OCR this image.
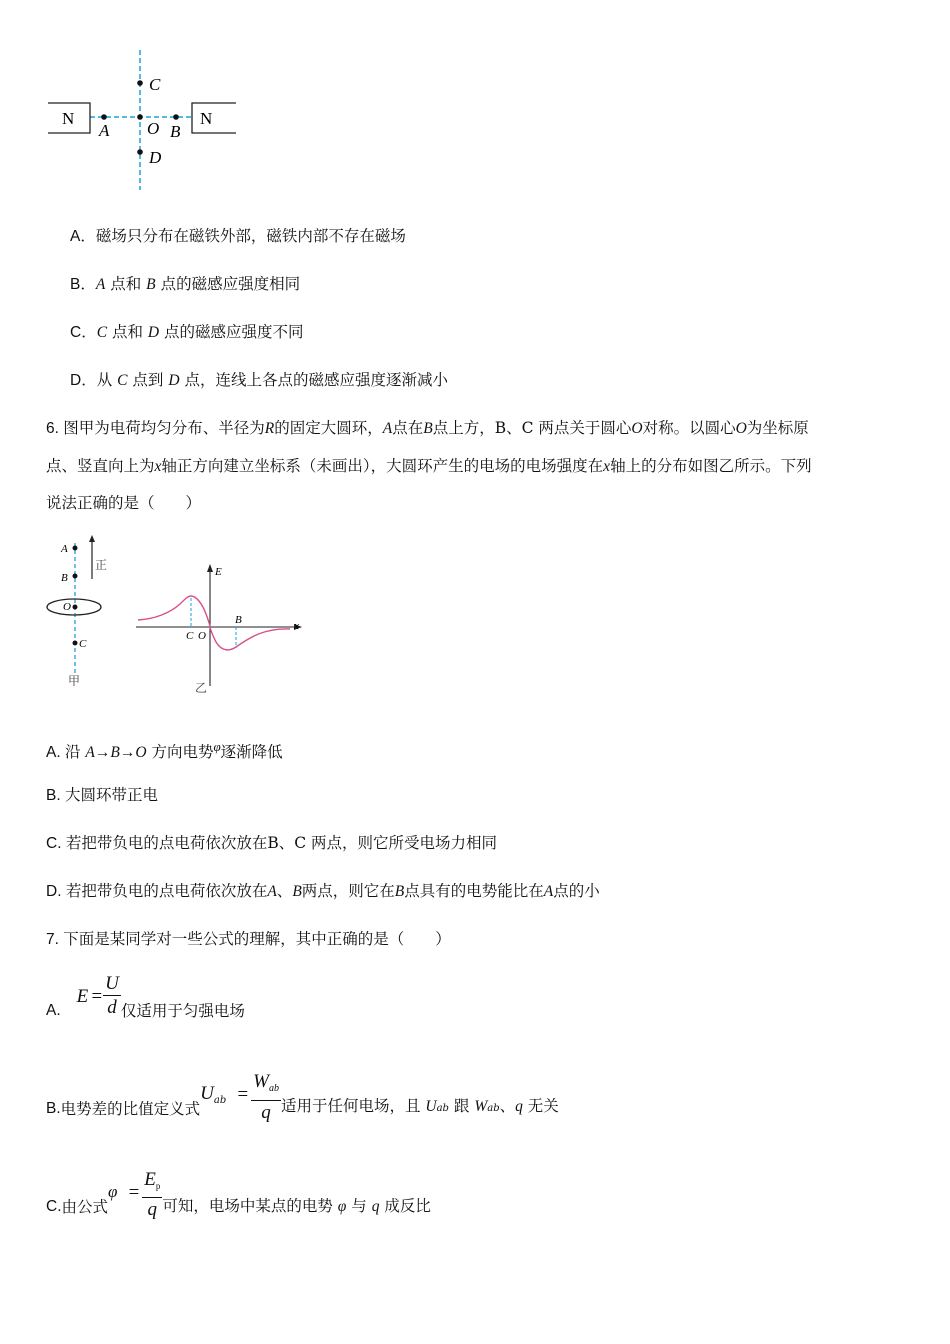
N	N
C
A O B
D
A．磁场只分布在磁铁外部，磁铁内部不存在磁场
B．A 点和 B 点的磁感应强度相同
C．C 点和 D 点的磁感应强度不同
D．从 C 点到 D 点，连线上各点的磁感应强度逐渐减小
6. 图甲为电荷均匀分布、半径为R的固定大圆环，A点在B点上方，B、C 两点关于圆心O对称。以圆心O为坐标原
点、竖直向上为x轴正方向建立坐标系（未画出），大圆环产生的电场的电场强度在x轴上的分布如图乙所示。下列
说法正确的是（　　）
正
A
B
O
C
甲
E
x
C O
B
乙
A. 沿 A→B→O 方向电势$^\varphi$逐渐降低
B. 大圆环带正电
C. 若把带负电的点电荷依次放在B、C 两点，则它所受电场力相同
D. 若把带负电的点电荷依次放在A、B两点，则它在B点具有的电势能比在A点的小
7. 下面是某同学对一些公式的理解，其中正确的是（　　）
A.
$E = \frac{U}{d}$ 仅适用于匀强电场
B. 电势差的比值定义式
$U_{ab} = \frac{W_{ab}}{q}$ 适用于任何电场，且 Uab 跟 Wab、q 无关
C. 由公式
$\varphi = \frac{E_p}{q}$ 可知，电场中某点的电势 φ 与 q 成反比
